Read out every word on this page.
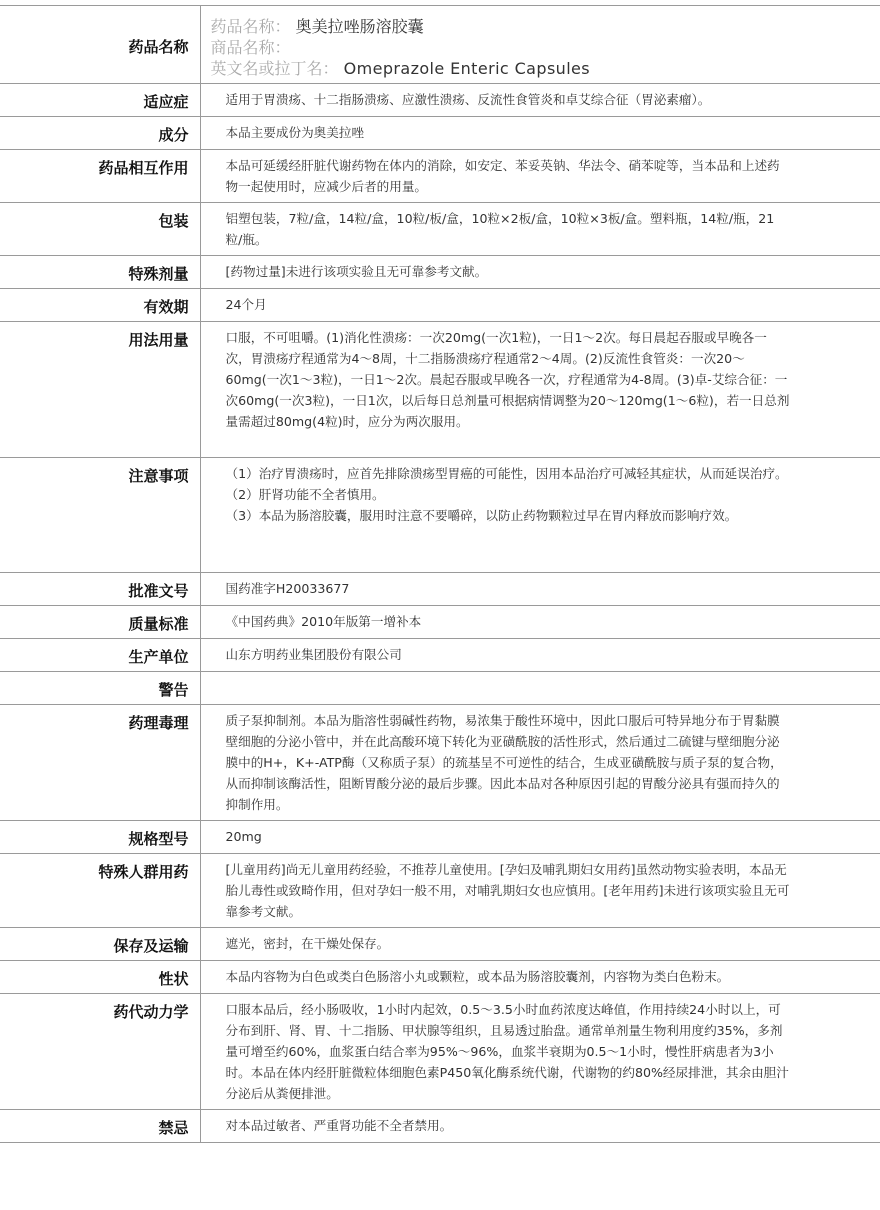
药品名称	药品名称： 奥美拉唑肠溶胶囊
商品名称：
英文名或拉丁名： Omeprazole Enteric Capsules

适应症	适用于胃溃疡、十二指肠溃疡、应激性溃疡、反流性食管炎和卓艾综合征（胃泌素瘤）。

成分	本品主要成份为奥美拉唑

药品相互作用	本品可延缓经肝脏代谢药物在体内的消除，如安定、苯妥英钠、华法令、硝苯啶等，当本品和上述药物一起使用时，应减少后者的用量。

包装	铝塑包装，7粒/盒，14粒/盒，10粒/板/盒，10粒×2板/盒，10粒×3板/盒。塑料瓶，14粒/瓶，21粒/瓶。

特殊剂量	[药物过量]未进行该项实验且无可靠参考文献。

有效期	24个月

用法用量	口服，不可咀嚼。(1)消化性溃疡：一次20mg(一次1粒)，一日1～2次。每日晨起吞服或早晚各一次，胃溃疡疗程通常为4～8周，十二指肠溃疡疗程通常2～4周。(2)反流性食管炎：一次20～60mg(一次1～3粒)，一日1～2次。晨起吞服或早晚各一次，疗程通常为4-8周。(3)卓-艾综合征：一次60mg(一次3粒)，一日1次，以后每日总剂量可根据病情调整为20～120mg(1～6粒)，若一日总剂量需超过80mg(4粒)时，应分为两次服用。

注意事项	（1）治疗胃溃疡时，应首先排除溃疡型胃癌的可能性，因用本品治疗可减轻其症状，从而延误治疗。
（2）肝肾功能不全者慎用。
（3）本品为肠溶胶囊，服用时注意不要嚼碎，以防止药物颗粒过早在胃内释放而影响疗效。

批准文号	国药准字H20033677

质量标准	《中国药典》2010年版第一增补本

生产单位	山东方明药业集团股份有限公司

警告	

药理毒理	质子泵抑制剂。本品为脂溶性弱碱性药物，易浓集于酸性环境中，因此口服后可特异地分布于胃黏膜壁细胞的分泌小管中，并在此高酸环境下转化为亚磺酰胺的活性形式，然后通过二硫键与壁细胞分泌膜中的H+，K+-ATP酶（又称质子泵）的巯基呈不可逆性的结合，生成亚磺酰胺与质子泵的复合物，从而抑制该酶活性，阻断胃酸分泌的最后步骤。因此本品对各种原因引起的胃酸分泌具有强而持久的抑制作用。

规格型号	20mg

特殊人群用药	[儿童用药]尚无儿童用药经验，不推荐儿童使用。[孕妇及哺乳期妇女用药]虽然动物实验表明，本品无胎儿毒性或致畸作用，但对孕妇一般不用，对哺乳期妇女也应慎用。[老年用药]未进行该项实验且无可靠参考文献。

保存及运输	遮光，密封，在干燥处保存。

性状	本品内容物为白色或类白色肠溶小丸或颗粒，或本品为肠溶胶囊剂，内容物为类白色粉末。

药代动力学	口服本品后，经小肠吸收，1小时内起效，0.5～3.5小时血药浓度达峰值，作用持续24小时以上，可分布到肝、肾、胃、十二指肠、甲状腺等组织，且易透过胎盘。通常单剂量生物利用度约35%，多剂量可增至约60%，血浆蛋白结合率为95%～96%，血浆半衰期为0.5～1小时，慢性肝病患者为3小时。本品在体内经肝脏微粒体细胞色素P450氧化酶系统代谢，代谢物的约80%经尿排泄，其余由胆汁分泌后从粪便排泄。

禁忌	对本品过敏者、严重肾功能不全者禁用。
